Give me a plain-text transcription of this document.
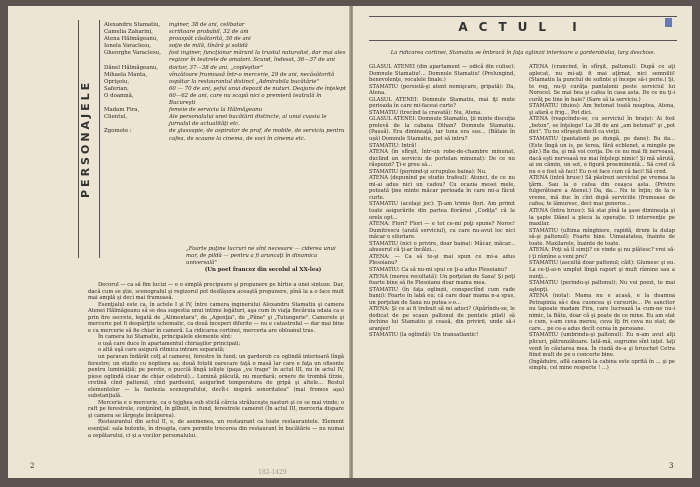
PERSONAJELE
Alexandru Stamatiu,	inginer, 38 de ani, celibatar
Camelia Zaharini,	scriitoare probabil, 32 de ani
Atena Hălmăgeanu,	proaspăt căsătorită, 30 de ani
Ionela Varaclesu,	soţie de milă, tînără şi solidă
Gheorghe Varaclesu,	fost inginer, funcţionar mărunt la trustul naturalist, dar mai ales regizor în teatrele de amatori. Scund, îndesat, 36—37 de ani
Dănel Hălmăgeanu,	doctor, 37—38 de ani, „copleşitor"
Mihaela Manta,	vînzătoare frumoasă într-o mercerie, 29 de ani, necăsătorită
Oprişoiu,	ospătar la restaurantul distinct „Admirabila bucătărie"
Saferian,	60 — 70 de ani, şeful unui depozit de nuturi. Deajuns de înţelept
O doamnă,	60—62 de ani, care nu scapă nici o premieră teatrală în Bucureşti
Madam Fira,	femeie de serviciu la Hălmăgeanu
Clientul,	Ale personalului unei bucătării distincte, al unui cvasiu le jurnalul de actualităţi etc.
Zgomote :	de glasvapie, de aspirator de praf, de mobile, de serviciu pentru cafea, de scaune la cinema, de voci în cinema etc.
„Foarte puţine lucruri ne sînt necesare — ciderea unui mar, de pildă — pentru a fi aruncaţi în dinamica universală"
(Un poet francez din secolul al XX-lea)

Decorul — ca să fim lucizi — e o simplă precipuere şi propunere pe hîrtie a unei sinteze. Dar, dacă cum se ştie, scenograful şi regizorul pot desfăşura aceaştă propunere, pînă la a o face mult mai amplă şi deci mai frumoasă.

Esenţialul este ca, în actele I şi IV, între camera inginerului Alexandru Stamatiu şi camera Atenei Hălmăgeanu să se dea sugestia unui intime legături, aşa cum în viaţa fiecăruia odaia ca e prin fire secrete, legată de „Alimentara", de „Agenţia", de „Pîine" şi „Tutungerie". Camerele şi mercerie pot fi despărţite schematic, ca două începeri diferite — nu e catastrofal — dar mai bine e ca mercerie să fie chiar în cameră. La ridicarea cortinei, merceria are obloanul tras.

În camera lui Stamatiu, principalele elemente sînt:

o uşă care duce în apartamentul chiriaşilor principali;

o altă uşă care asigură ritmica intrare separată;

un paravan îndărăt colţ al camerei, ferestre în fund; un garderob cu oglindă interioară lîngă ferestre; un studio cu noptiera sa; două fotolii oarecare faţă o masă lar care e faţa un ofisonte pentru luminiăţiă; pe perete, o pucclă lîngă iolişte (paşa „va trage" în actul III, nu în actul IV, piese oglindă clear de chiar celebrul)... Lumină plăcută, nu murdară; ornere de trombă tîrzie, cretină cînd paltonul, cînd pardesiul, asigurînd temperatura de gripă şi altele... Restul elementelor — la fantezia scenografului, decît-i inspiră sonoritatea" (mai fromos aşa) substanţială.

Merceria e o mercerie, ca o tejghea sub sticlă cărcia străluceşte nasturi şi ce se mai vinde; o raft pe ferestrele, conţinînd, în gîlbuit, în fund, ferestrele cameret (În actul III, merceria dispare şi camera se lărgeşte încăperea).

Restaurantul din actul II, e, de asemenea, un restaurant ca toate restaurantele. Element esenţial: sala butonte, în dreapta, care permite trecerea din restaurant în bucătărie — nu numai a ospătarului, ci şi a vocilor personalului.

2
182-1429
ACTUL I
La ridicarea cortinei, Stamatiu se îmbracă în faţa oglinzii interioare a garderobului, larg deschise.

GLASUL ATENEI (din apartament — odică din culise): Domnule Stamatiu!... Domnule Stamatiu! (Prelungind, benevolenţe, vocalele finale.)

STAMATIU (persistă-şi atent nemişcare, gripată): Da, Atena.

GLASUL ATENEI: Domnule Stamatiu, mai iţi mute perioada în care mi-faceai curte?

STAMATIU (trecînd la cravată): Nu, Atena.

GLASUL ATENEI: Domnule Stamatiu, ţii minte discuţia prelevă de la cabana Dihan? Domnule Stamatiu. (Pausă). Era dimineaţă, iar tuna era sus... (Bătaie în uşă) Domnule Stamatiu, pot să intru?

STAMATIU: Intră!

ATENA (în sfîrşit, într-un robe-de-chambre minunat, duclind un serviciu de portelan minunat): De ce nu răspunzi? Ţi-e greu să...

STAMATIU (pornind-şi scrupulos baina): Nu.

ATENA (depunînd pe studio trafeul): Atunci, de ce nu mi-ai adus nici un cadou? Cu ocazia mesei mele, potoată ţine minte măcar perioada în care mi-a făcut curte.

STAMATIU (acelaşi joc): Ţi-am trimis flori. Am primit toate asigurările din partea florăriei „Codiţa" că la orele opt...

ATENA: Flori? Flori — e tot ce-mi poţi spune? Noroc! Dumitrescu (arată serviciul), cu care nu-avut loc nici măcar o siluriare.

STAMATIU (nici o privire, doar baina): Măcar, măcar... abuserul că ţi-ar încălzi...

ATENA: — Ca să te-şi mai spun ce mi-a adus Plesoianu?

STAMATIU: Ca să nu-mi spui ce ţi-a adus Plesoianu?

ATENA (mereu recoltată): Un porţelan de Saxa! Şi poţi foarte bine să fie Plesoianu doar mama mea.

STAMATIU (în faţa oglinzii, conspectînd cum rade banii): Foarte în labă eu; că care doar mama n-a spus, un porţelan de Saxa nu putea s-o...

ATENA: Şi ce ai fi trebuit să mi aduci? (Apărîndu-se, le dedicat de pe scaun paltonul de pentate pilat) să închine lui Stamatiu şi coasă, din privirii, unde să-i aranjez!

STAMATIU (la oglindă): Un transatlantic!

ATENA (crancind, în sfîrşit, paltonul): După ce aţi aplecat, nu mi-aţi fi mai aţîrnat, nici semnilii! (Stamatiu la punctul de sufinte şi începe să-i perie.) Şi, te rog, nu-ţi curăţa pantalonii peste serviciul lui Norocel. Se mai bea şi cafea în casa asta. De ce nu ţi-i curăţ pe tine în baie? (Sare să la serviciu.)

STAMATIU (duios): Am betonat toată noaptea, Atena, şi afară e frig... Pot dici.

ATENA (reapcîndu-se, cu serviciul în braţe): Ai fost „beton", se înţelege! La 38 de ani „am betonat" şi „pot dici". Tu nu sfîrşeşti decît ca vieţii.

STAMATIU (pantalonii pe dungă, pe dane): Bu da... (Este lîngă un is, pe terea, fără ecblenet, a mingile pe păr.) Ba da, şi mă voi corija. De ce nu mai fii nervoasă, dacă eşti nervoasă nu mai înţelegi nimic! Şi mă sărută, ai un cămin, un sot, o figură proeminentă... Să cred că nu o e fost să faci! Eu n-oi face cum că faci! Să cred.

ATENA (intră brusc) Să păstrezi serviciul pe vremea la ţărm. Sau la o cafea din ceaşca asta. (Privire fulgerătoare a Atenei.) Da, da... Nu te înţin; de la o vreme, mă duc în cînt după serviciile (frumoase de cafea; te lămuresc, deci mai generos...

ATENA (întra brusc): Să stai pînă la şase dimineaţa şi la şapte Dănel a pleca la operaţie. O intervenţie pe maxilar.

STAMATIU (ultima mînghiere, rapidă, drum la dulap să-şi paltonul): Foarte bine. Uimaiatatea, înainte de toate. Maxilarele, înainte de toate.

ATENA: Poţi să îl simţi? ce vinde şi nu plătesc? vrei să-i ţi rămîne a veni pre?

STAMATIU (ascultă doar paltonul; căit): Glumesc şi eu. La ce-ţi-ai-n umplut lîngă raport şi mult râmine sau a nunţi...

STAMATIU (perindu-şi paltonul): Nu voi poezi, te mai aştepţi.

ATENA (nota): Mama nu e acasă, e la doamna Petrapinia să-i dea cuoncea şi cursurile... Pe sancitor nu lapoate madam Fira, care lucrează la cum-ne nu-i nimic, la Bătu, doar că şi poate de ce mine. Eu am stat o cum, s-am ceva mereu, ceva îţi fri ceva nu stat; de care... pe ce-a adus decît cerea în persoane.

STAMATIU (umbrindu-şi paltonul): Eu n-am avut alţi plicuri, pătrunzătoare. Iată-mă, sugrume sînt iuţel. Iaţi venit în căutarea mea. În ciudă de-a şi bruschet Cetra fiind mult de pe o concerte bine.

(Ingăduire, află cameră la cabina este oprită în ... şi pe simplu, cel mine respecte ! ...)

3
